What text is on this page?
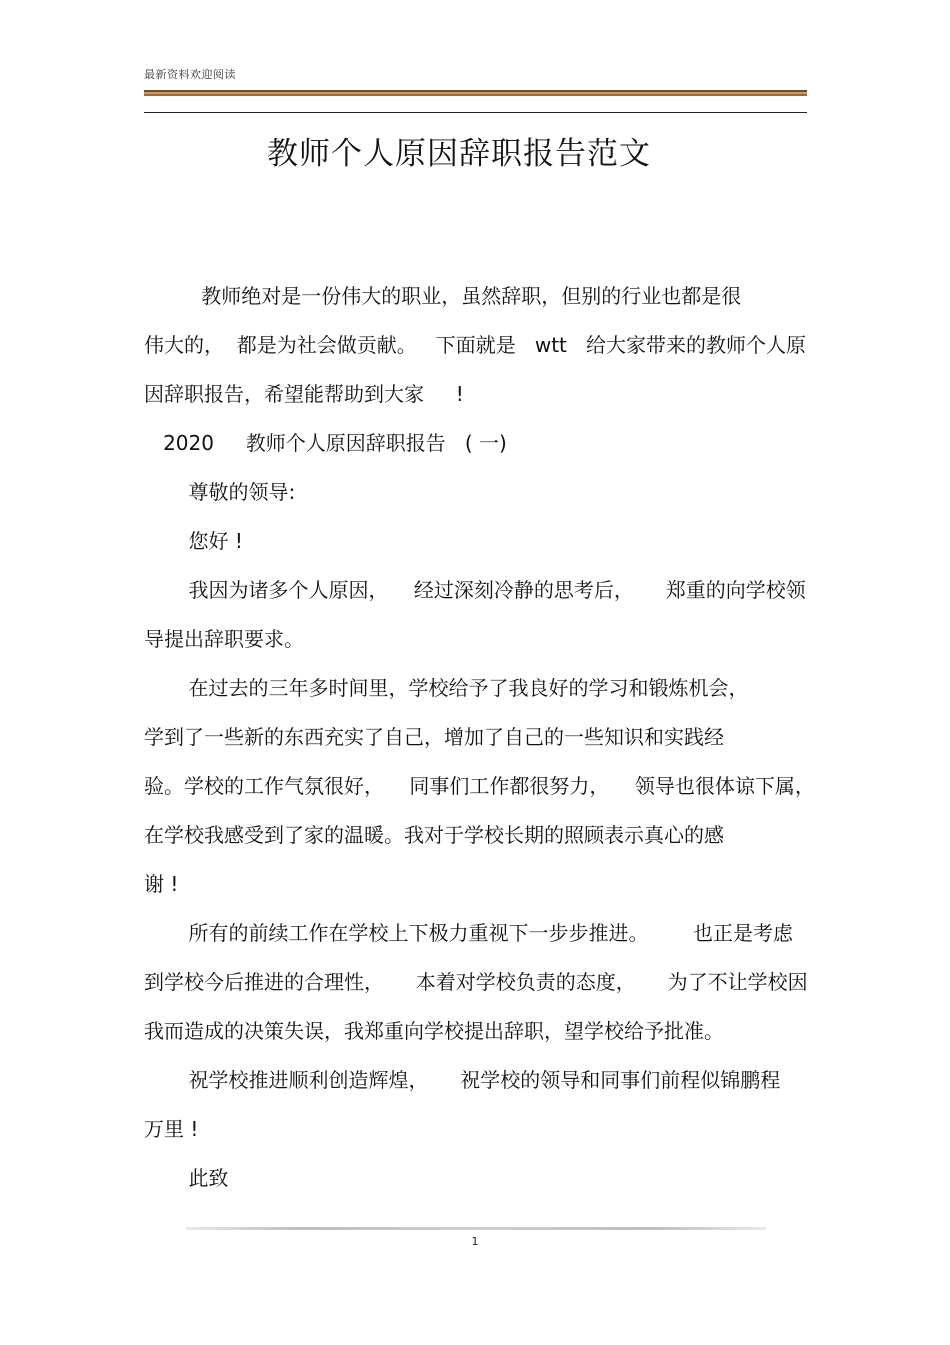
最新资料欢迎阅读
教师个人原因辞职报告范文

教师绝对是一份伟大的职业，虽然辞职，但别的行业也都是很

伟大的，  都是为社会做贡献。   下面就是   wtt   给大家带来的教师个人原

因辞职报告，希望能帮助到大家     !

2020     教师个人原因辞职报告   ( 一)

尊敬的领导:

您好 !

我因为诸多个人原因，    经过深刻冷静的思考后，     郑重的向学校领

导提出辞职要求。

在过去的三年多时间里，学校给予了我良好的学习和锻炼机会，

学到了一些新的东西充实了自己，增加了自己的一些知识和实践经

验。学校的工作气氛很好，    同事们工作都很努力，    领导也很体谅下属，

在学校我感受到了家的温暖。我对于学校长期的照顾表示真心的感

谢 !

所有的前续工作在学校上下极力重视下一步步推进。       也正是考虑

到学校今后推进的合理性，     本着对学校负责的态度，     为了不让学校因

我而造成的决策失误，我郑重向学校提出辞职，望学校给予批准。

祝学校推进顺利创造辉煌，     祝学校的领导和同事们前程似锦鹏程

万里 !

此致

1
